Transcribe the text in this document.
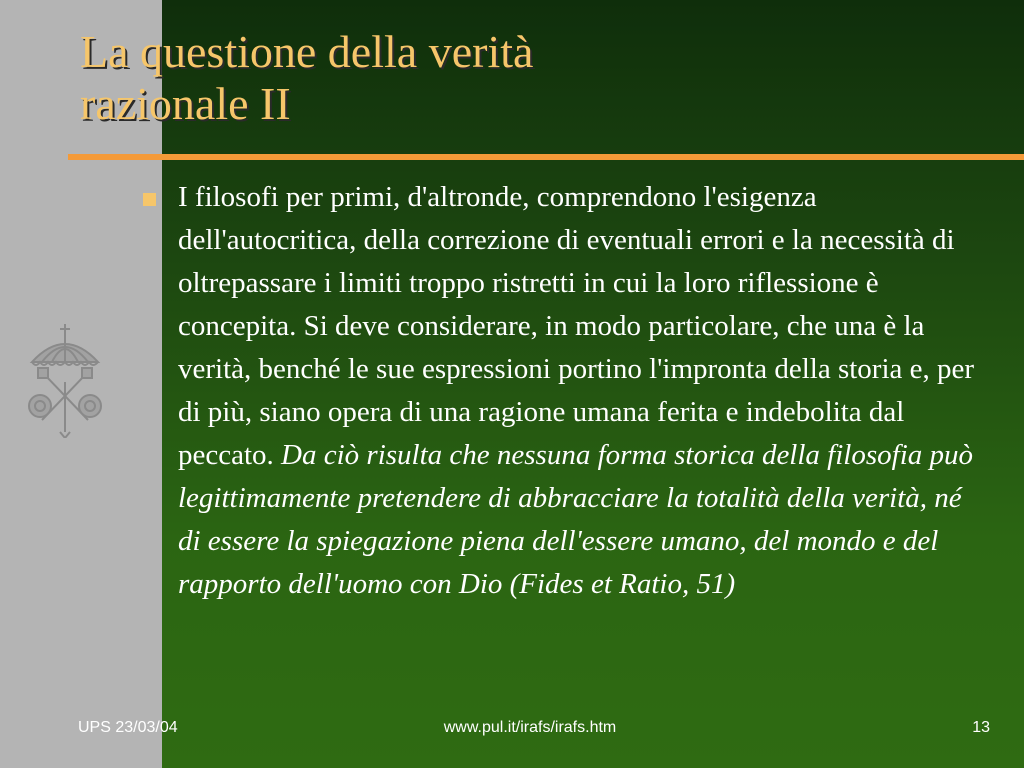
La questione della verità
razionale II

I filosofi per primi, d'altronde, comprendono l'esigenza dell'autocritica, della correzione di eventuali errori e la necessità di oltrepassare i limiti troppo ristretti in cui la loro riflessione è concepita. Si deve considerare, in modo particolare, che una è la verità, benché le sue espressioni portino l'impronta della storia e, per di più, siano opera di una ragione umana ferita e indebolita dal peccato. Da ciò risulta che nessuna forma storica della filosofia può legittimamente pretendere di abbracciare la totalità della verità, né di essere la spiegazione piena dell'essere umano, del mondo e del rapporto dell'uomo con Dio (Fides et Ratio, 51)

UPS 23/03/04	www.pul.it/irafs/irafs.htm	13
